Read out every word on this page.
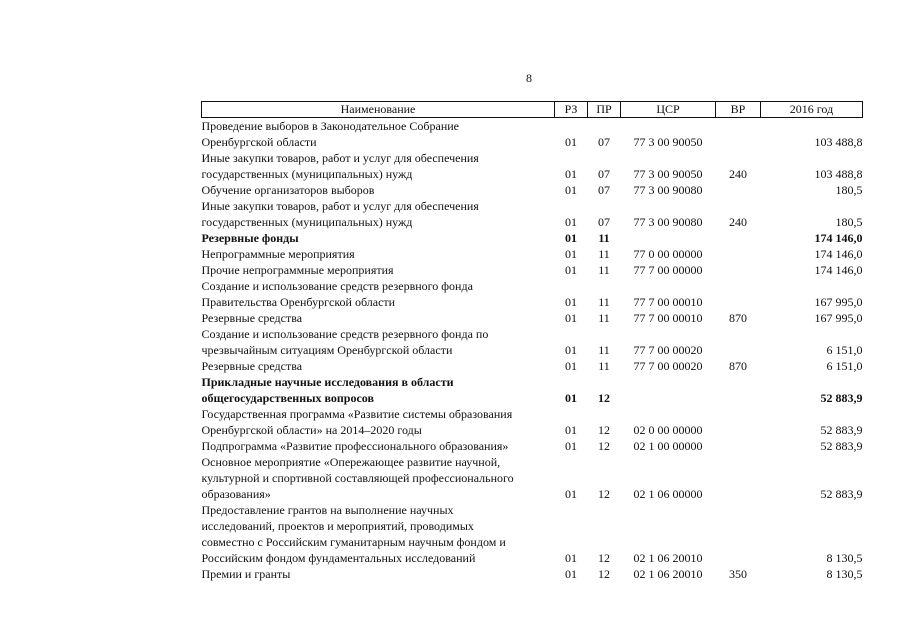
8
Наименование	РЗ	ПР	ЦСР	ВР	2016 год
Проведение выборов в Законодательное Собрание					
Оренбургской области	01	07	77 3 00 90050		103 488,8
Иные закупки товаров, работ и услуг для обеспечения					
государственных (муниципальных) нужд	01	07	77 3 00 90050	240	103 488,8
Обучение организаторов выборов	01	07	77 3 00 90080		180,5
Иные закупки товаров, работ и услуг для обеспечения					
государственных (муниципальных) нужд	01	07	77 3 00 90080	240	180,5
Резервные фонды	01	11			174 146,0
Непрограммные мероприятия	01	11	77 0 00 00000		174 146,0
Прочие непрограммные мероприятия	01	11	77 7 00 00000		174 146,0
Создание и использование средств резервного фонда					
Правительства Оренбургской области	01	11	77 7 00 00010		167 995,0
Резервные средства	01	11	77 7 00 00010	870	167 995,0
Создание и использование средств резервного фонда по					
чрезвычайным ситуациям Оренбургской области	01	11	77 7 00 00020		6 151,0
Резервные средства	01	11	77 7 00 00020	870	6 151,0
Прикладные научные исследования в области					
общегосударственных вопросов	01	12			52 883,9
Государственная программа «Развитие системы образования					
Оренбургской области» на 2014–2020 годы	01	12	02 0 00 00000		52 883,9
Подпрограмма «Развитие профессионального образования»	01	12	02 1 00 00000		52 883,9
Основное мероприятие «Опережающее развитие научной,					
культурной и спортивной составляющей профессионального					
образования»	01	12	02 1 06 00000		52 883,9
Предоставление грантов на выполнение научных					
исследований, проектов и мероприятий, проводимых					
совместно с Российским гуманитарным научным фондом и					
Российским фондом фундаментальных исследований	01	12	02 1 06 20010		8 130,5
Премии и гранты	01	12	02 1 06 20010	350	8 130,5
